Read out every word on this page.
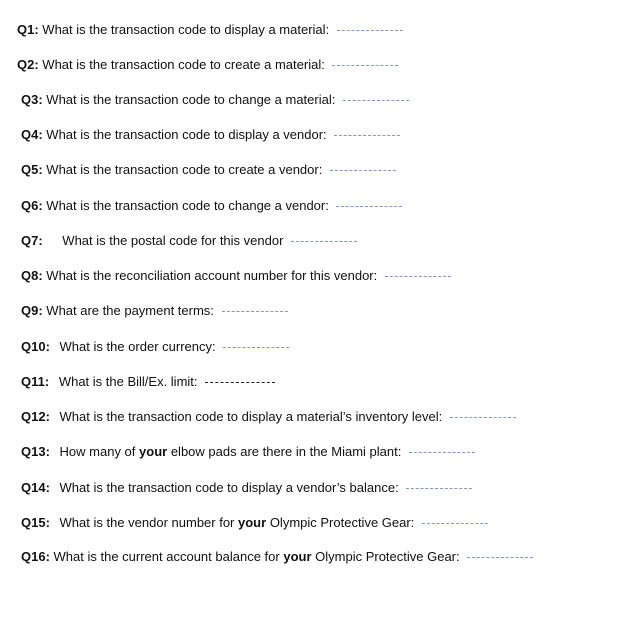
Q1: What is the transaction code to display a material:
Q2: What is the transaction code to create a material:
Q3: What is the transaction code to change a material:
Q4: What is the transaction code to display a vendor:
Q5: What is the transaction code to create a vendor:
Q6: What is the transaction code to change a vendor:
Q7: What is the postal code for this vendor
Q8: What is the reconciliation account number for this vendor:
Q9: What are the payment terms:
Q10: What is the order currency:
Q11: What is the Bill/Ex. limit:
Q12: What is the transaction code to display a material’s inventory level:
Q13: How many of your elbow pads are there in the Miami plant:
Q14: What is the transaction code to display a vendor’s balance:
Q15: What is the vendor number for your Olympic Protective Gear:
Q16: What is the current account balance for your Olympic Protective Gear:
